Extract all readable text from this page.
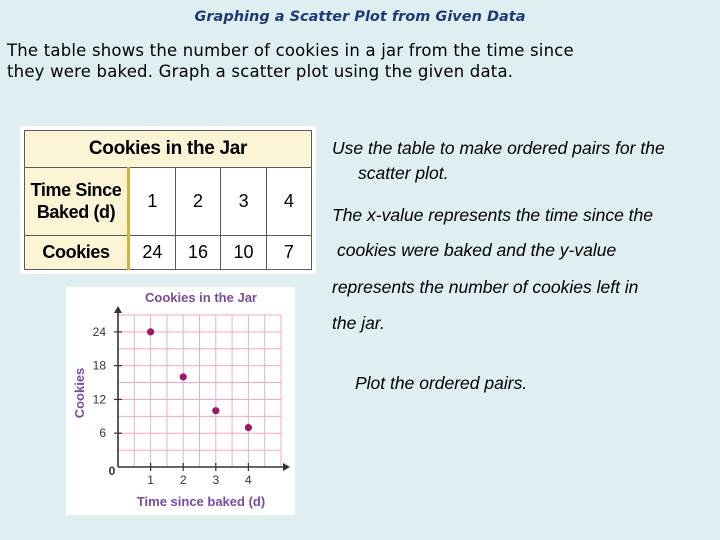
Graphing a Scatter Plot from Given Data
The table shows the number of cookies in a jar from the time since
they were baked. Graph a scatter plot using the given data.
Cookies in the Jar				

Time Since
Baked (d)	1	2	3	4
Cookies	24	16	10	7
Cookies in the Jar
Cookies
Time since baked (d)
0
1 2 3 4
6
12
18
24
Use the table to make ordered pairs for the
scatter plot.
The x-value represents the time since the
cookies were baked and the y-value
represents the number of cookies left in
the jar.
Plot the ordered pairs.
